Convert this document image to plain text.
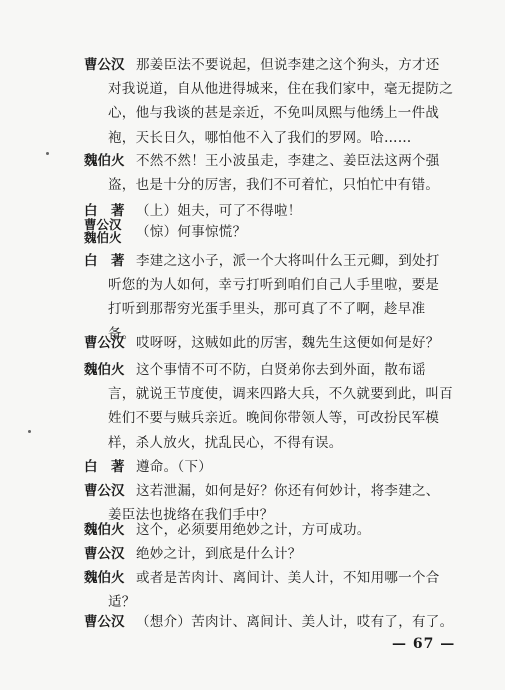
曹公汉 那姜臣法不要说起，但说李建之这个狗头，方才还
对我说道，自从他进得城来，住在我们家中，毫无提防之
心，他与我谈的甚是亲近，不免叫凤熙与他绣上一件战
袍，天长日久，哪怕他不入了我们的罗网。哈……
魏伯火 不然不然！王小波虽走，李建之、姜臣法这两个强
盗，也是十分的厉害，我们不可着忙，只怕忙中有错。
白　著 （上）姐夫，可了不得啦！
曹公汉
魏伯火	（惊）何事惊慌？
白　著 李建之这小子，派一个大将叫什么王元卿，到处打
听您的为人如何，幸亏打听到咱们自己人手里啦，要是
打听到那帮穷光蛋手里头，那可真了不了啊，趁早准
备。
曹公汉 哎呀呀，这贼如此的厉害，魏先生这便如何是好？
魏伯火 这个事情不可不防，白贤弟你去到外面，散布谣
言，就说王节度使，调来四路大兵，不久就要到此，叫百
姓们不要与贼兵亲近。晚间你带领人等，可改扮民军模
样，杀人放火，扰乱民心，不得有误。
白　著 遵命。（下）
曹公汉 这若泄漏，如何是好？你还有何妙计，将李建之、
姜臣法也拢络在我们手中？
魏伯火 这个，必须要用绝妙之计，方可成功。
曹公汉 绝妙之计，到底是什么计？
魏伯火 或者是苦肉计、离间计、美人计，不知用哪一个合
适？
曹公汉 （想介）苦肉计、离间计、美人计，哎有了，有了。
— 67 —
